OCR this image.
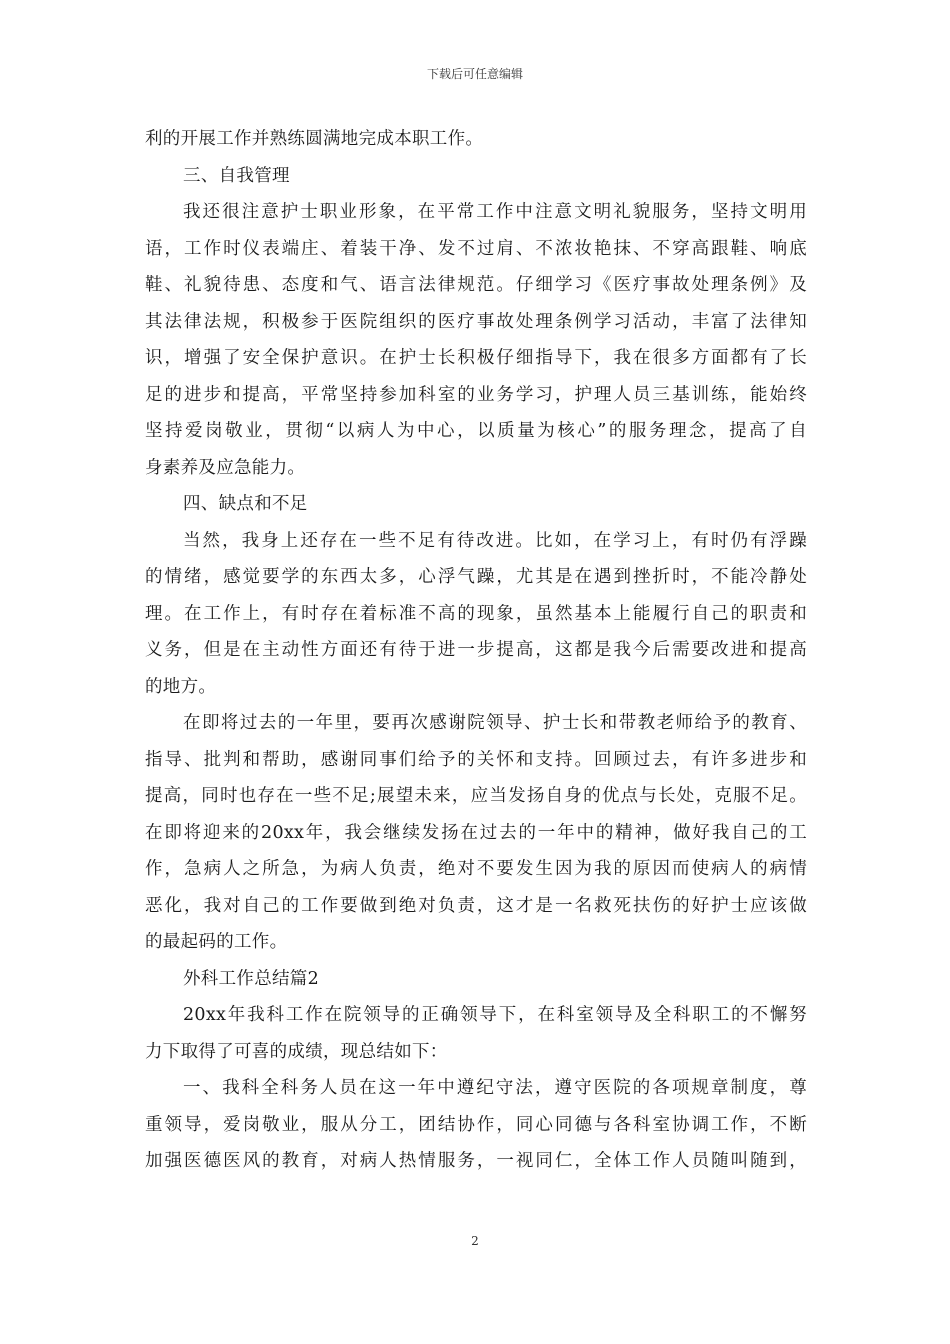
下载后可任意编辑
利的开展工作并熟练圆满地完成本职工作。
三、自我管理
我还很注意护士职业形象，在平常工作中注意文明礼貌服务，坚持文明用
语，工作时仪表端庄、着装干净、发不过肩、不浓妆艳抹、不穿高跟鞋、响底
鞋、礼貌待患、态度和气、语言法律规范。仔细学习《医疗事故处理条例》及
其法律法规，积极参于医院组织的医疗事故处理条例学习活动，丰富了法律知
识，增强了安全保护意识。在护士长积极仔细指导下，我在很多方面都有了长
足的进步和提高，平常坚持参加科室的业务学习，护理人员三基训练，能始终
坚持爱岗敬业，贯彻“以病人为中心，以质量为核心”的服务理念，提高了自
身素养及应急能力。
四、缺点和不足
当然，我身上还存在一些不足有待改进。比如，在学习上，有时仍有浮躁
的情绪，感觉要学的东西太多，心浮气躁，尤其是在遇到挫折时，不能冷静处
理。在工作上，有时存在着标准不高的现象，虽然基本上能履行自己的职责和
义务，但是在主动性方面还有待于进一步提高，这都是我今后需要改进和提高
的地方。
在即将过去的一年里，要再次感谢院领导、护士长和带教老师给予的教育、
指导、批判和帮助，感谢同事们给予的关怀和支持。回顾过去，有许多进步和
提高，同时也存在一些不足;展望未来，应当发扬自身的优点与长处，克服不足。
在即将迎来的20xx年，我会继续发扬在过去的一年中的精神，做好我自己的工
作，急病人之所急，为病人负责，绝对不要发生因为我的原因而使病人的病情
恶化，我对自己的工作要做到绝对负责，这才是一名救死扶伤的好护士应该做
的最起码的工作。
外科工作总结篇2
20xx年我科工作在院领导的正确领导下，在科室领导及全科职工的不懈努
力下取得了可喜的成绩，现总结如下：
一、我科全科务人员在这一年中遵纪守法，遵守医院的各项规章制度，尊
重领导，爱岗敬业，服从分工，团结协作，同心同德与各科室协调工作，不断
加强医德医风的教育，对病人热情服务，一视同仁，全体工作人员随叫随到，
2
